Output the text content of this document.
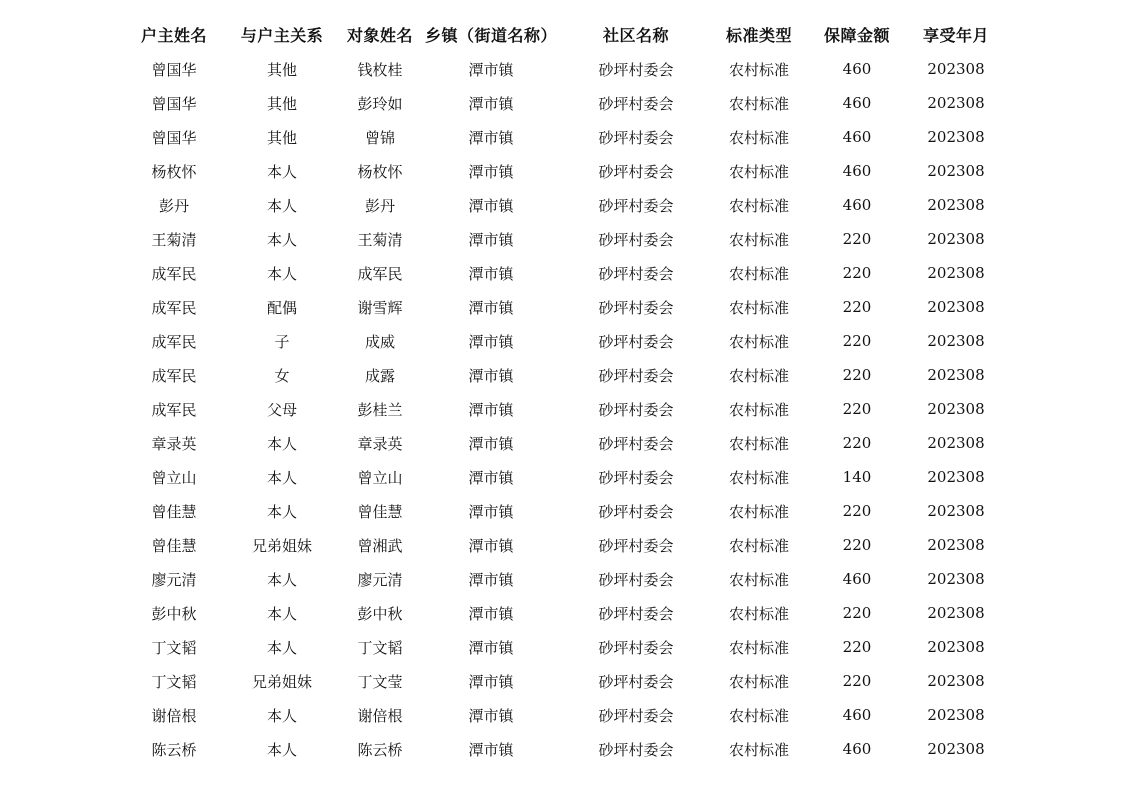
户主姓名	与户主关系	对象姓名	乡镇（街道名称）	社区名称	标准类型	保障金额	享受年月
曾国华	其他	钱枚桂	潭市镇	砂坪村委会	农村标准	460	202308
曾国华	其他	彭玲如	潭市镇	砂坪村委会	农村标准	460	202308
曾国华	其他	曾锦	潭市镇	砂坪村委会	农村标准	460	202308
杨枚怀	本人	杨枚怀	潭市镇	砂坪村委会	农村标准	460	202308
彭丹	本人	彭丹	潭市镇	砂坪村委会	农村标准	460	202308
王菊清	本人	王菊清	潭市镇	砂坪村委会	农村标准	220	202308
成军民	本人	成军民	潭市镇	砂坪村委会	农村标准	220	202308
成军民	配偶	谢雪辉	潭市镇	砂坪村委会	农村标准	220	202308
成军民	子	成威	潭市镇	砂坪村委会	农村标准	220	202308
成军民	女	成露	潭市镇	砂坪村委会	农村标准	220	202308
成军民	父母	彭桂兰	潭市镇	砂坪村委会	农村标准	220	202308
章录英	本人	章录英	潭市镇	砂坪村委会	农村标准	220	202308
曾立山	本人	曾立山	潭市镇	砂坪村委会	农村标准	140	202308
曾佳慧	本人	曾佳慧	潭市镇	砂坪村委会	农村标准	220	202308
曾佳慧	兄弟姐妹	曾湘武	潭市镇	砂坪村委会	农村标准	220	202308
廖元清	本人	廖元清	潭市镇	砂坪村委会	农村标准	460	202308
彭中秋	本人	彭中秋	潭市镇	砂坪村委会	农村标准	220	202308
丁文韬	本人	丁文韬	潭市镇	砂坪村委会	农村标准	220	202308
丁文韬	兄弟姐妹	丁文莹	潭市镇	砂坪村委会	农村标准	220	202308
谢倍根	本人	谢倍根	潭市镇	砂坪村委会	农村标准	460	202308
陈云桥	本人	陈云桥	潭市镇	砂坪村委会	农村标准	460	202308
